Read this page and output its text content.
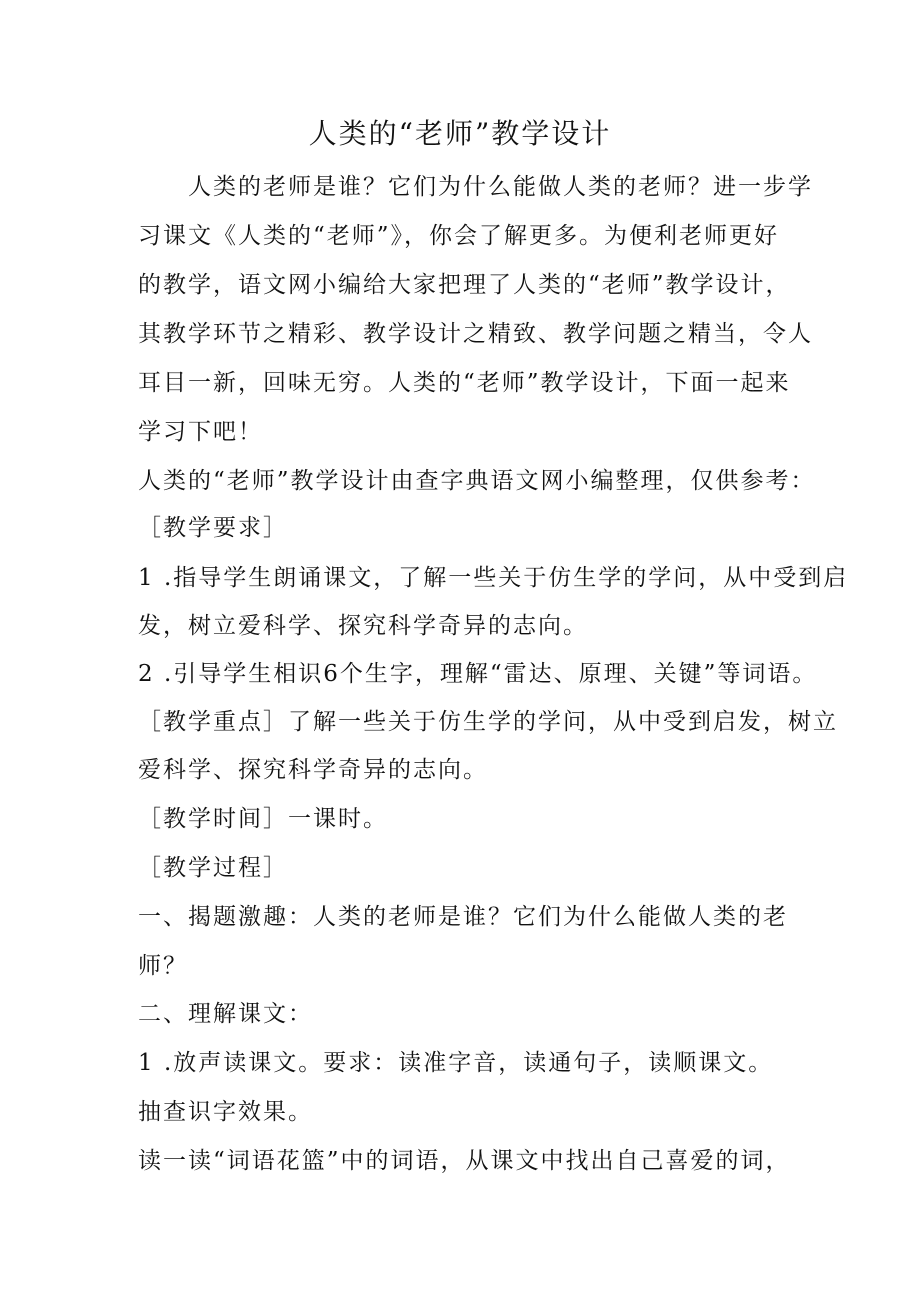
人类的“老师”教学设计
　　人类的老师是谁？它们为什么能做人类的老师？进一步学
习课文《人类的“老师”》，你会了解更多。为便利老师更好
的教学，语文网小编给大家把理了人类的“老师”教学设计，
其教学环节之精彩、教学设计之精致、教学问题之精当，令人
耳目一新，回味无穷。人类的“老师”教学设计，下面一起来
学习下吧！
人类的“老师”教学设计由查字典语文网小编整理，仅供参考：
［教学要求］
1 .指导学生朗诵课文，了解一些关于仿生学的学问，从中受到启
发，树立爱科学、探究科学奇异的志向。
2 .引导学生相识6个生字，理解“雷达、原理、关键”等词语。
［教学重点］了解一些关于仿生学的学问，从中受到启发，树立
爱科学、探究科学奇异的志向。
［教学时间］一课时。
［教学过程］
一、揭题激趣：人类的老师是谁？它们为什么能做人类的老
师？
二、理解课文：
1 .放声读课文。要求：读准字音，读通句子，读顺课文。
抽查识字效果。
读一读“词语花篮”中的词语，从课文中找出自己喜爱的词，
